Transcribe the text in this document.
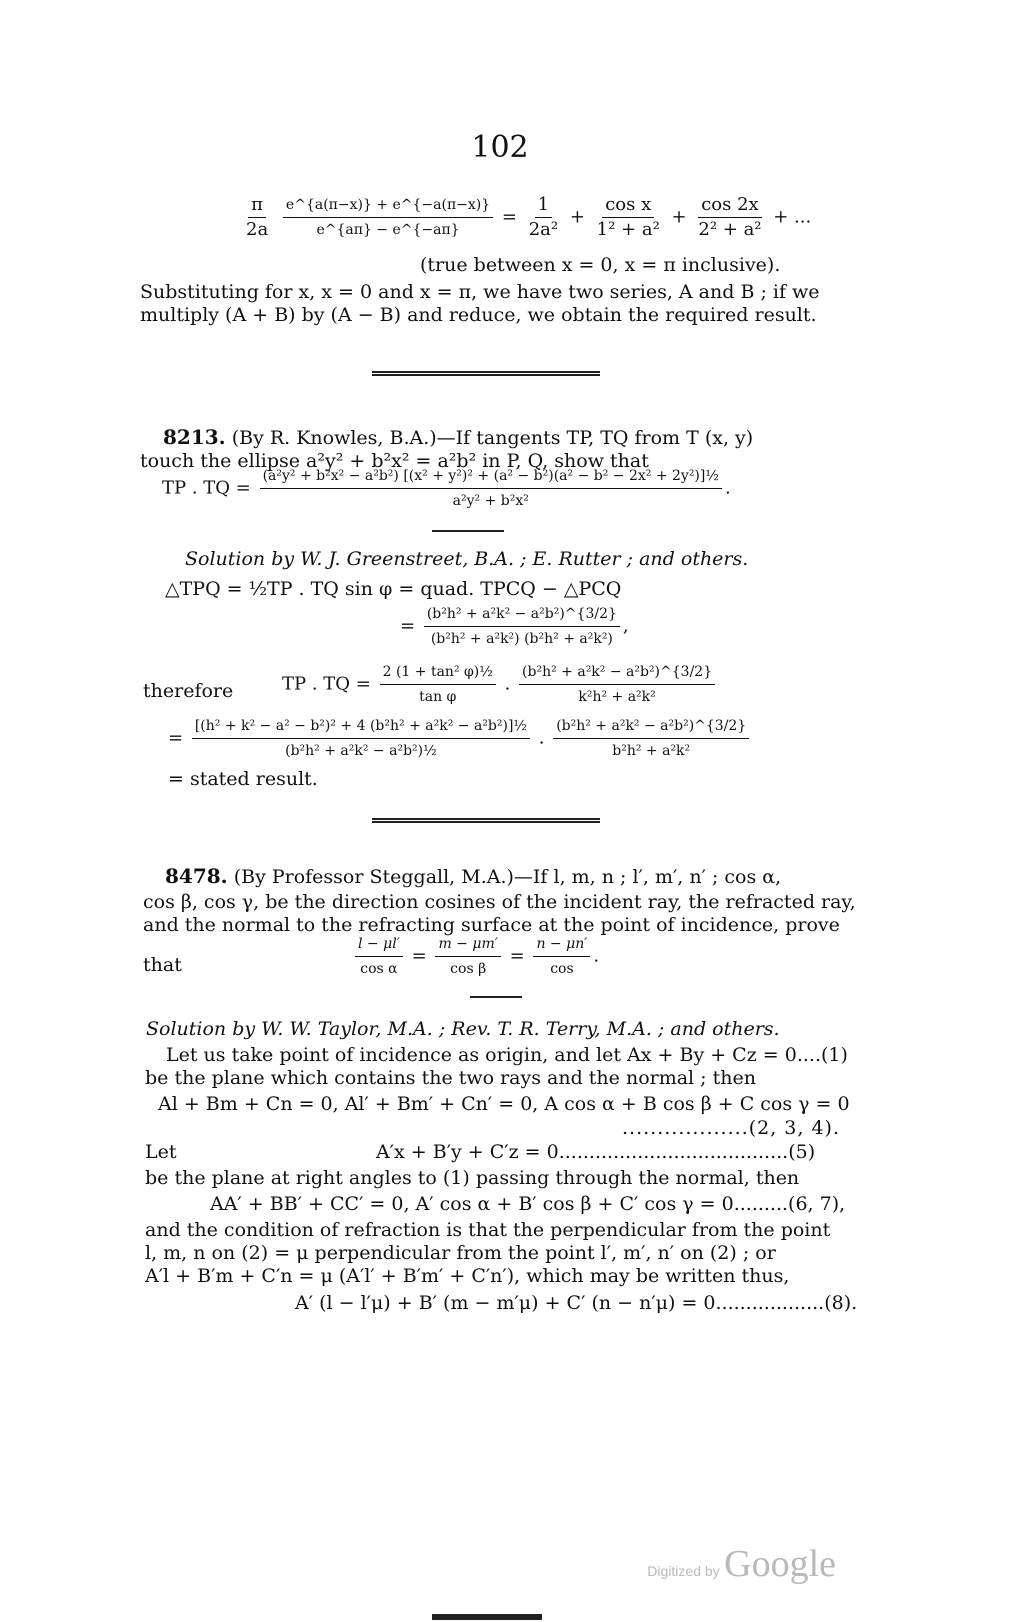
102
$\frac{\pi}{2a}$
$\frac{e\^{}\{a(\pi-x)\} + e\^{}\{-a(\pi-x)\}}{e\^{}\{a\pi\} - e\^{}\{-a\pi\}} = \frac{1}{\text{2a²}} + \frac{\text{cos x}}{\text{1² + a²}} + \frac{\cos 2x}{\text{2² + a²}}$ + ...
(true between x = 0, x = π inclusive).
Substituting for x, x = 0 and x = π, we have two series, A and B ; if we
multiply (A + B) by (A − B) and reduce, we obtain the required result.
8213. (By R. Knowles, B.A.)—If tangents TP, TQ from T (x, y)
touch the ellipse a²y² + b²x² = a²b² in P, Q, show that
TP . TQ =
(a²y² + b²x² − a²b²) [(x² + y²)² + (a² − b²)(a² − b² − 2x² + 2y²)]½
a²y² + b²x²
.
Solution by W. J. Greenstreet, B.A. ; E. Rutter ; and others.
△TPQ = ½TP . TQ sin φ = quad. TPCQ − △PCQ
= $\frac{\text{(b²h² + a²k² − a²b²)\textasciicircum{}\{3/2\}}}{\text{(b²h² + a²k²) (b²h² + a²k²)}}$ ,
therefore	TP . TQ = $\frac{\text{2 (1 + tan² φ)½}}{\text{tan φ}}$ . $\frac{\text{(b²h² + a²k² − a²b²)\textasciicircum{}\{3/2\}}}{\text{k²h² + a²k²}}$
= $\frac{\text{[(h² + k² − a² − b²)² + 4 (b²h² + a²k² − a²b²)]½}}{\text{(b²h² + a²k² − a²b²)½}}$ . $\frac{\text{(b²h² + a²k² − a²b²)\textasciicircum{}\{3/2\}}}{\text{b²h² + a²k²}}$
= stated result.
8478. (By Professor Steggall, M.A.)—If l, m, n ; l′, m′, n′ ; cos α,
cos β, cos γ, be the direction cosines of the incident ray, the refracted ray,
and the normal to the refracting surface at the point of incidence, prove
that	$\frac{l - \mu l'}{\text{cos α}} = \frac{m - \mu m'}{\text{cos β}} = \frac{n - \mu n'}{\cos}$ .
Solution by W. W. Taylor, M.A. ; Rev. T. R. Terry, M.A. ; and others.
Let us take point of incidence as origin, and let Ax + By + Cz = 0....(1)
be the plane which contains the two rays and the normal ; then
Al + Bm + Cn = 0, Al′ + Bm′ + Cn′ = 0, A cos α + B cos β + C cos γ = 0
..................(2, 3, 4).
Let	A′x + B′y + C′z = 0......................................(5)
be the plane at right angles to (1) passing through the normal, then
AA′ + BB′ + CC′ = 0, A′ cos α + B′ cos β + C′ cos γ = 0.........(6, 7),
and the condition of refraction is that the perpendicular from the point
l, m, n on (2) = μ perpendicular from the point l′, m′, n′ on (2) ; or
A′l + B′m + C′n = μ (A′l′ + B′m′ + C′n′), which may be written thus,
A′ (l − l′μ) + B′ (m − m′μ) + C′ (n − n′μ) = 0..................(8).
Digitized by Google
